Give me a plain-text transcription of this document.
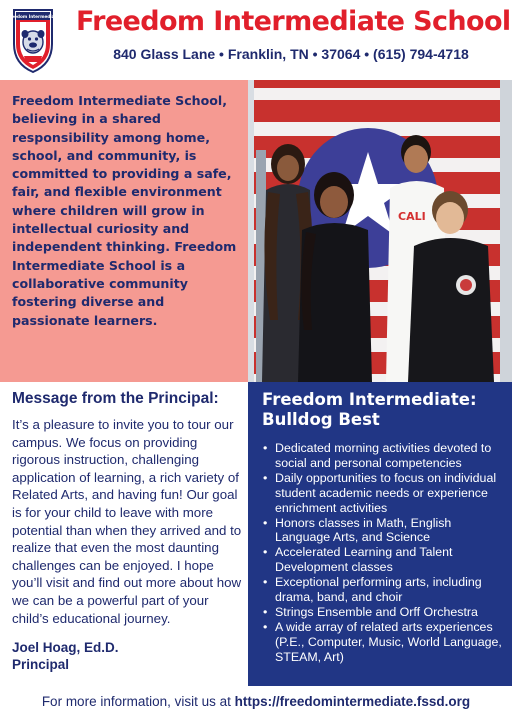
Freedom Intermediate Freedom Intermediate School
840 Glass Lane • Franklin, TN • 37064 • (615) 794-4718

Freedom Intermediate School, believing in a shared responsibility among home, school, and community, is committed to providing a safe, fair, and flexible environment where children will grow in intellectual curiosity and independent thinking. Freedom Intermediate School is a collaborative community fostering diverse and passionate learners.

CALI
Message from the Principal:

It’s a pleasure to invite you to tour our campus. We focus on providing rigorous instruction, challenging application of learning, a rich variety of Related Arts, and having fun! Our goal is for your child to leave with more potential than when they arrived and to realize that even the most daunting challenges can be enjoyed. I hope you’ll visit and find out more about how we can be a powerful part of your child’s educational journey.

Joel Hoag, Ed.D.
Principal
Freedom Intermediate:
Bulldog Best
• Dedicated morning activities devoted to social and personal competencies
• Daily opportunities to focus on individual student academic needs or experience enrichment activities
• Honors classes in Math, English Language Arts, and Science
• Accelerated Learning and Talent Development classes
• Exceptional performing arts, including drama, band, and choir
• Strings Ensemble and Orff Orchestra
• A wide array of related arts experiences (P.E., Computer, Music, World Language, STEAM, Art)
For more information, visit us at https://freedomintermediate.fssd.org
